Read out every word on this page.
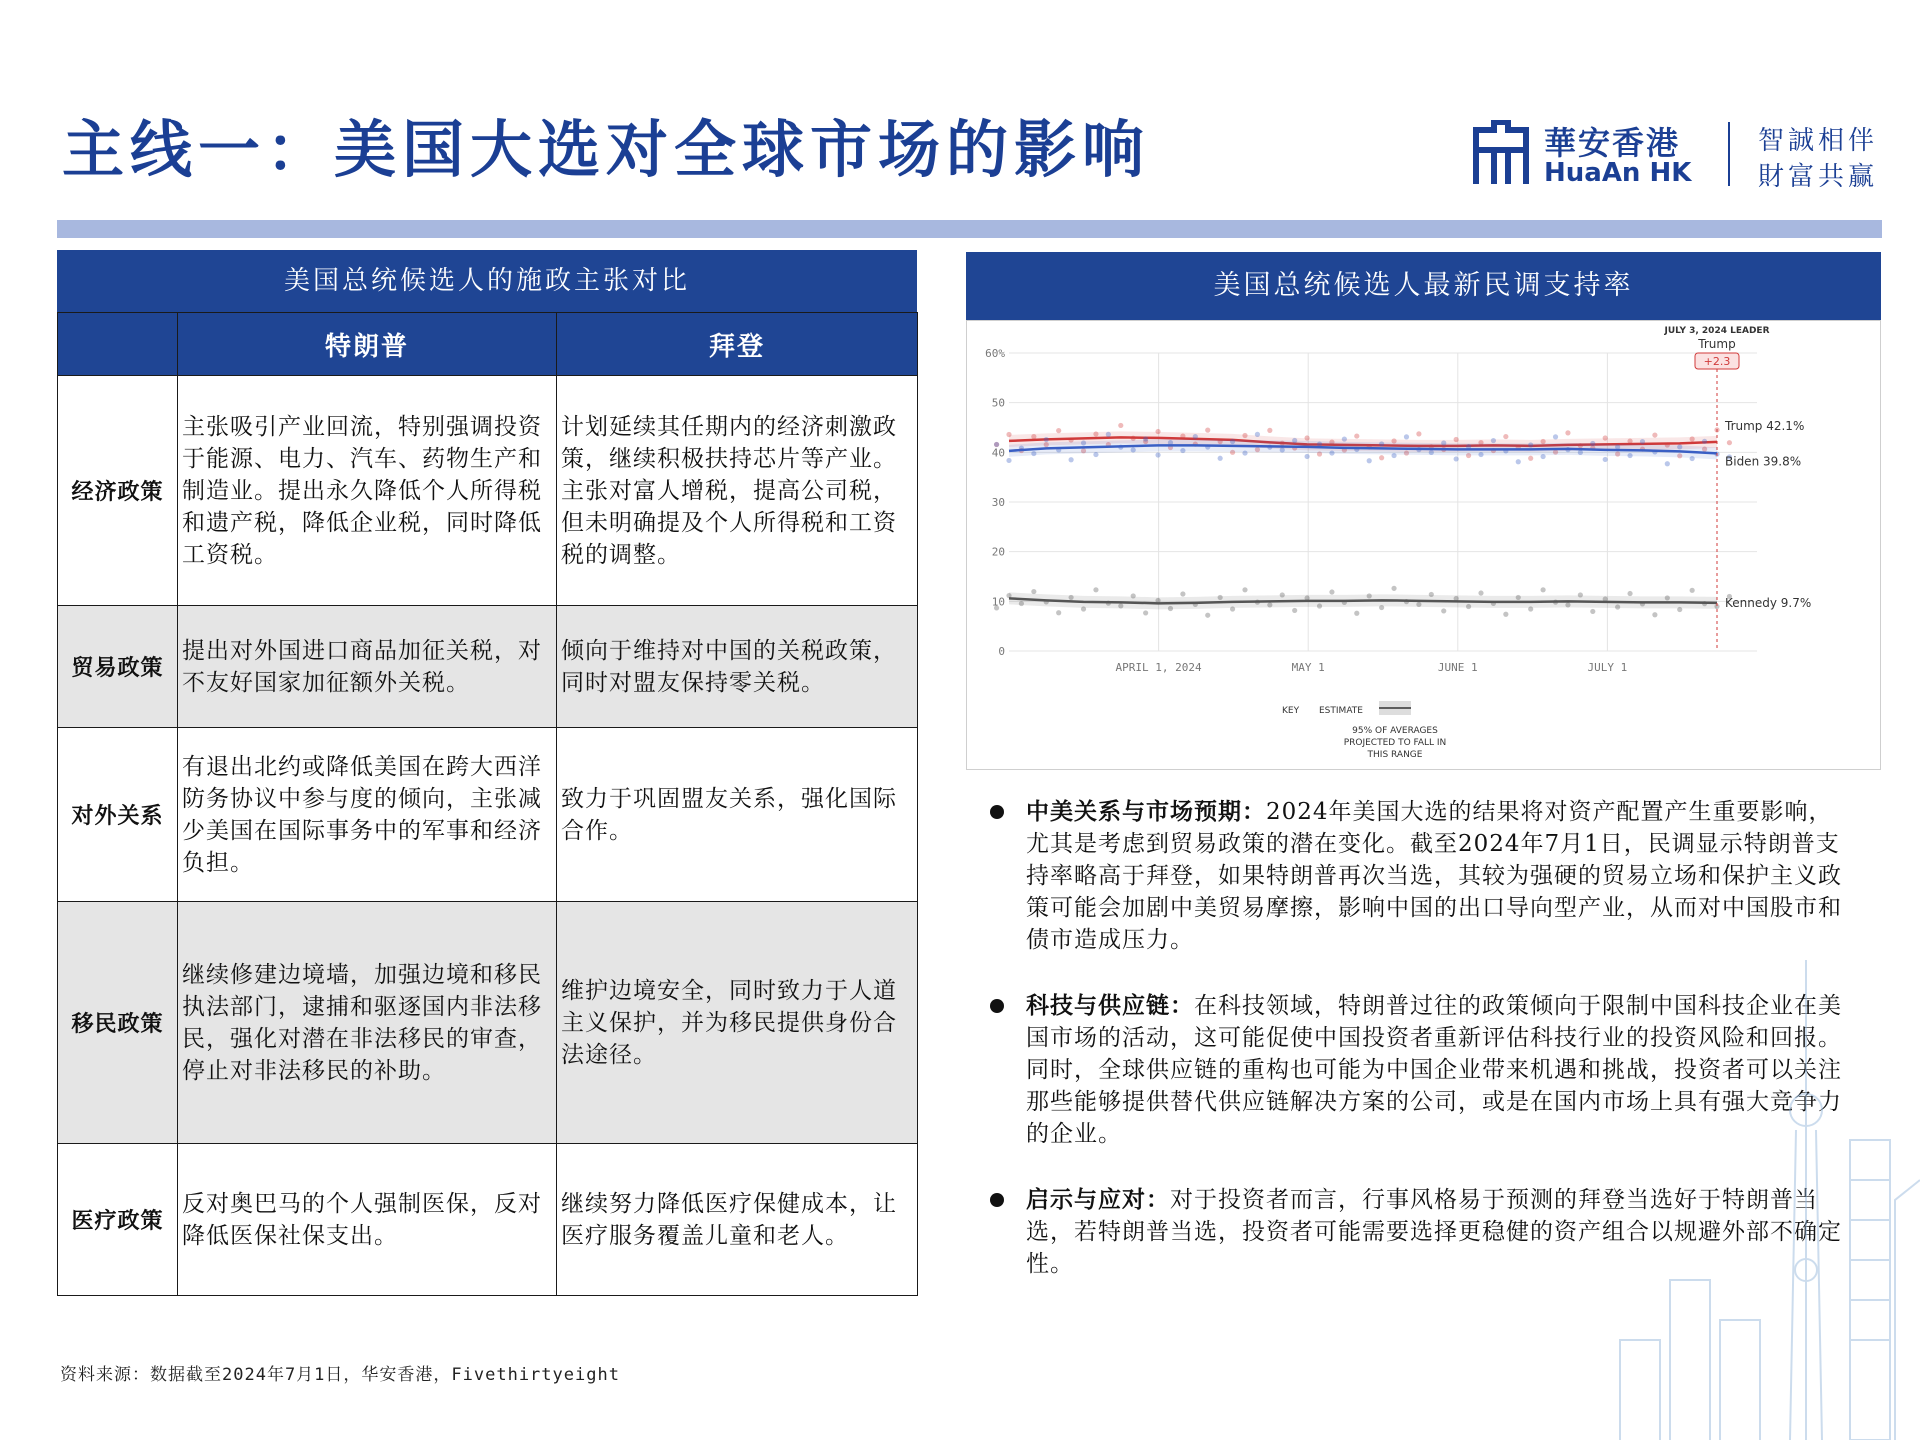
主线一：美国大选对全球市场的影响	華安香港
HuaAn HK
智誠相伴
財富共赢
美国总统候选人的施政主张对比
	特朗普	拜登
经济政策	主张吸引产业回流，特别强调投资于能源、电力、汽车、药物生产和制造业。提出永久降低个人所得税和遗产税，降低企业税，同时降低工资税。	计划延续其任期内的经济刺激政策，继续积极扶持芯片等产业。主张对富人增税，提高公司税，但未明确提及个人所得税和工资税的调整。
贸易政策	提出对外国进口商品加征关税，对不友好国家加征额外关税。	倾向于维持对中国的关税政策，同时对盟友保持零关税。
对外关系	有退出北约或降低美国在跨大西洋防务协议中参与度的倾向，主张减少美国在国际事务中的军事和经济负担。	致力于巩固盟友关系，强化国际合作。
移民政策	继续修建边境墙，加强边境和移民执法部门，逮捕和驱逐国内非法移民，强化对潜在非法移民的审查，停止对非法移民的补助。	维护边境安全，同时致力于人道主义保护，并为移民提供身份合法途径。
医疗政策	反对奥巴马的个人强制医保，反对降低医保社保支出。	继续努力降低医疗保健成本，让医疗服务覆盖儿童和老人。
美国总统候选人最新民调支持率
60%
50
40
30
20
10
0
APRIL 1, 2024	MAY 1	JUNE 1	JULY 1
Trump 42.1%
Biden 39.8%
Kennedy 9.7%
JULY 3, 2024 LEADER
Trump
+2.3
KEY ESTIMATE
95% OF AVERAGES
PROJECTED TO FALL IN
THIS RANGE
中美关系与市场预期：2024年美国大选的结果将对资产配置产生重要影响，尤其是考虑到贸易政策的潜在变化。截至2024年7月1日，民调显示特朗普支持率略高于拜登，如果特朗普再次当选，其较为强硬的贸易立场和保护主义政策可能会加剧中美贸易摩擦，影响中国的出口导向型产业，从而对中国股市和债市造成压力。
科技与供应链：在科技领域，特朗普过往的政策倾向于限制中国科技企业在美国市场的活动，这可能促使中国投资者重新评估科技行业的投资风险和回报。同时，全球供应链的重构也可能为中国企业带来机遇和挑战，投资者可以关注那些能够提供替代供应链解决方案的公司，或是在国内市场上具有强大竞争力的企业。
启示与应对：对于投资者而言，行事风格易于预测的拜登当选好于特朗普当选，若特朗普当选，投资者可能需要选择更稳健的资产组合以规避外部不确定性。
资料来源：数据截至2024年7月1日，华安香港，Fivethirtyeight
